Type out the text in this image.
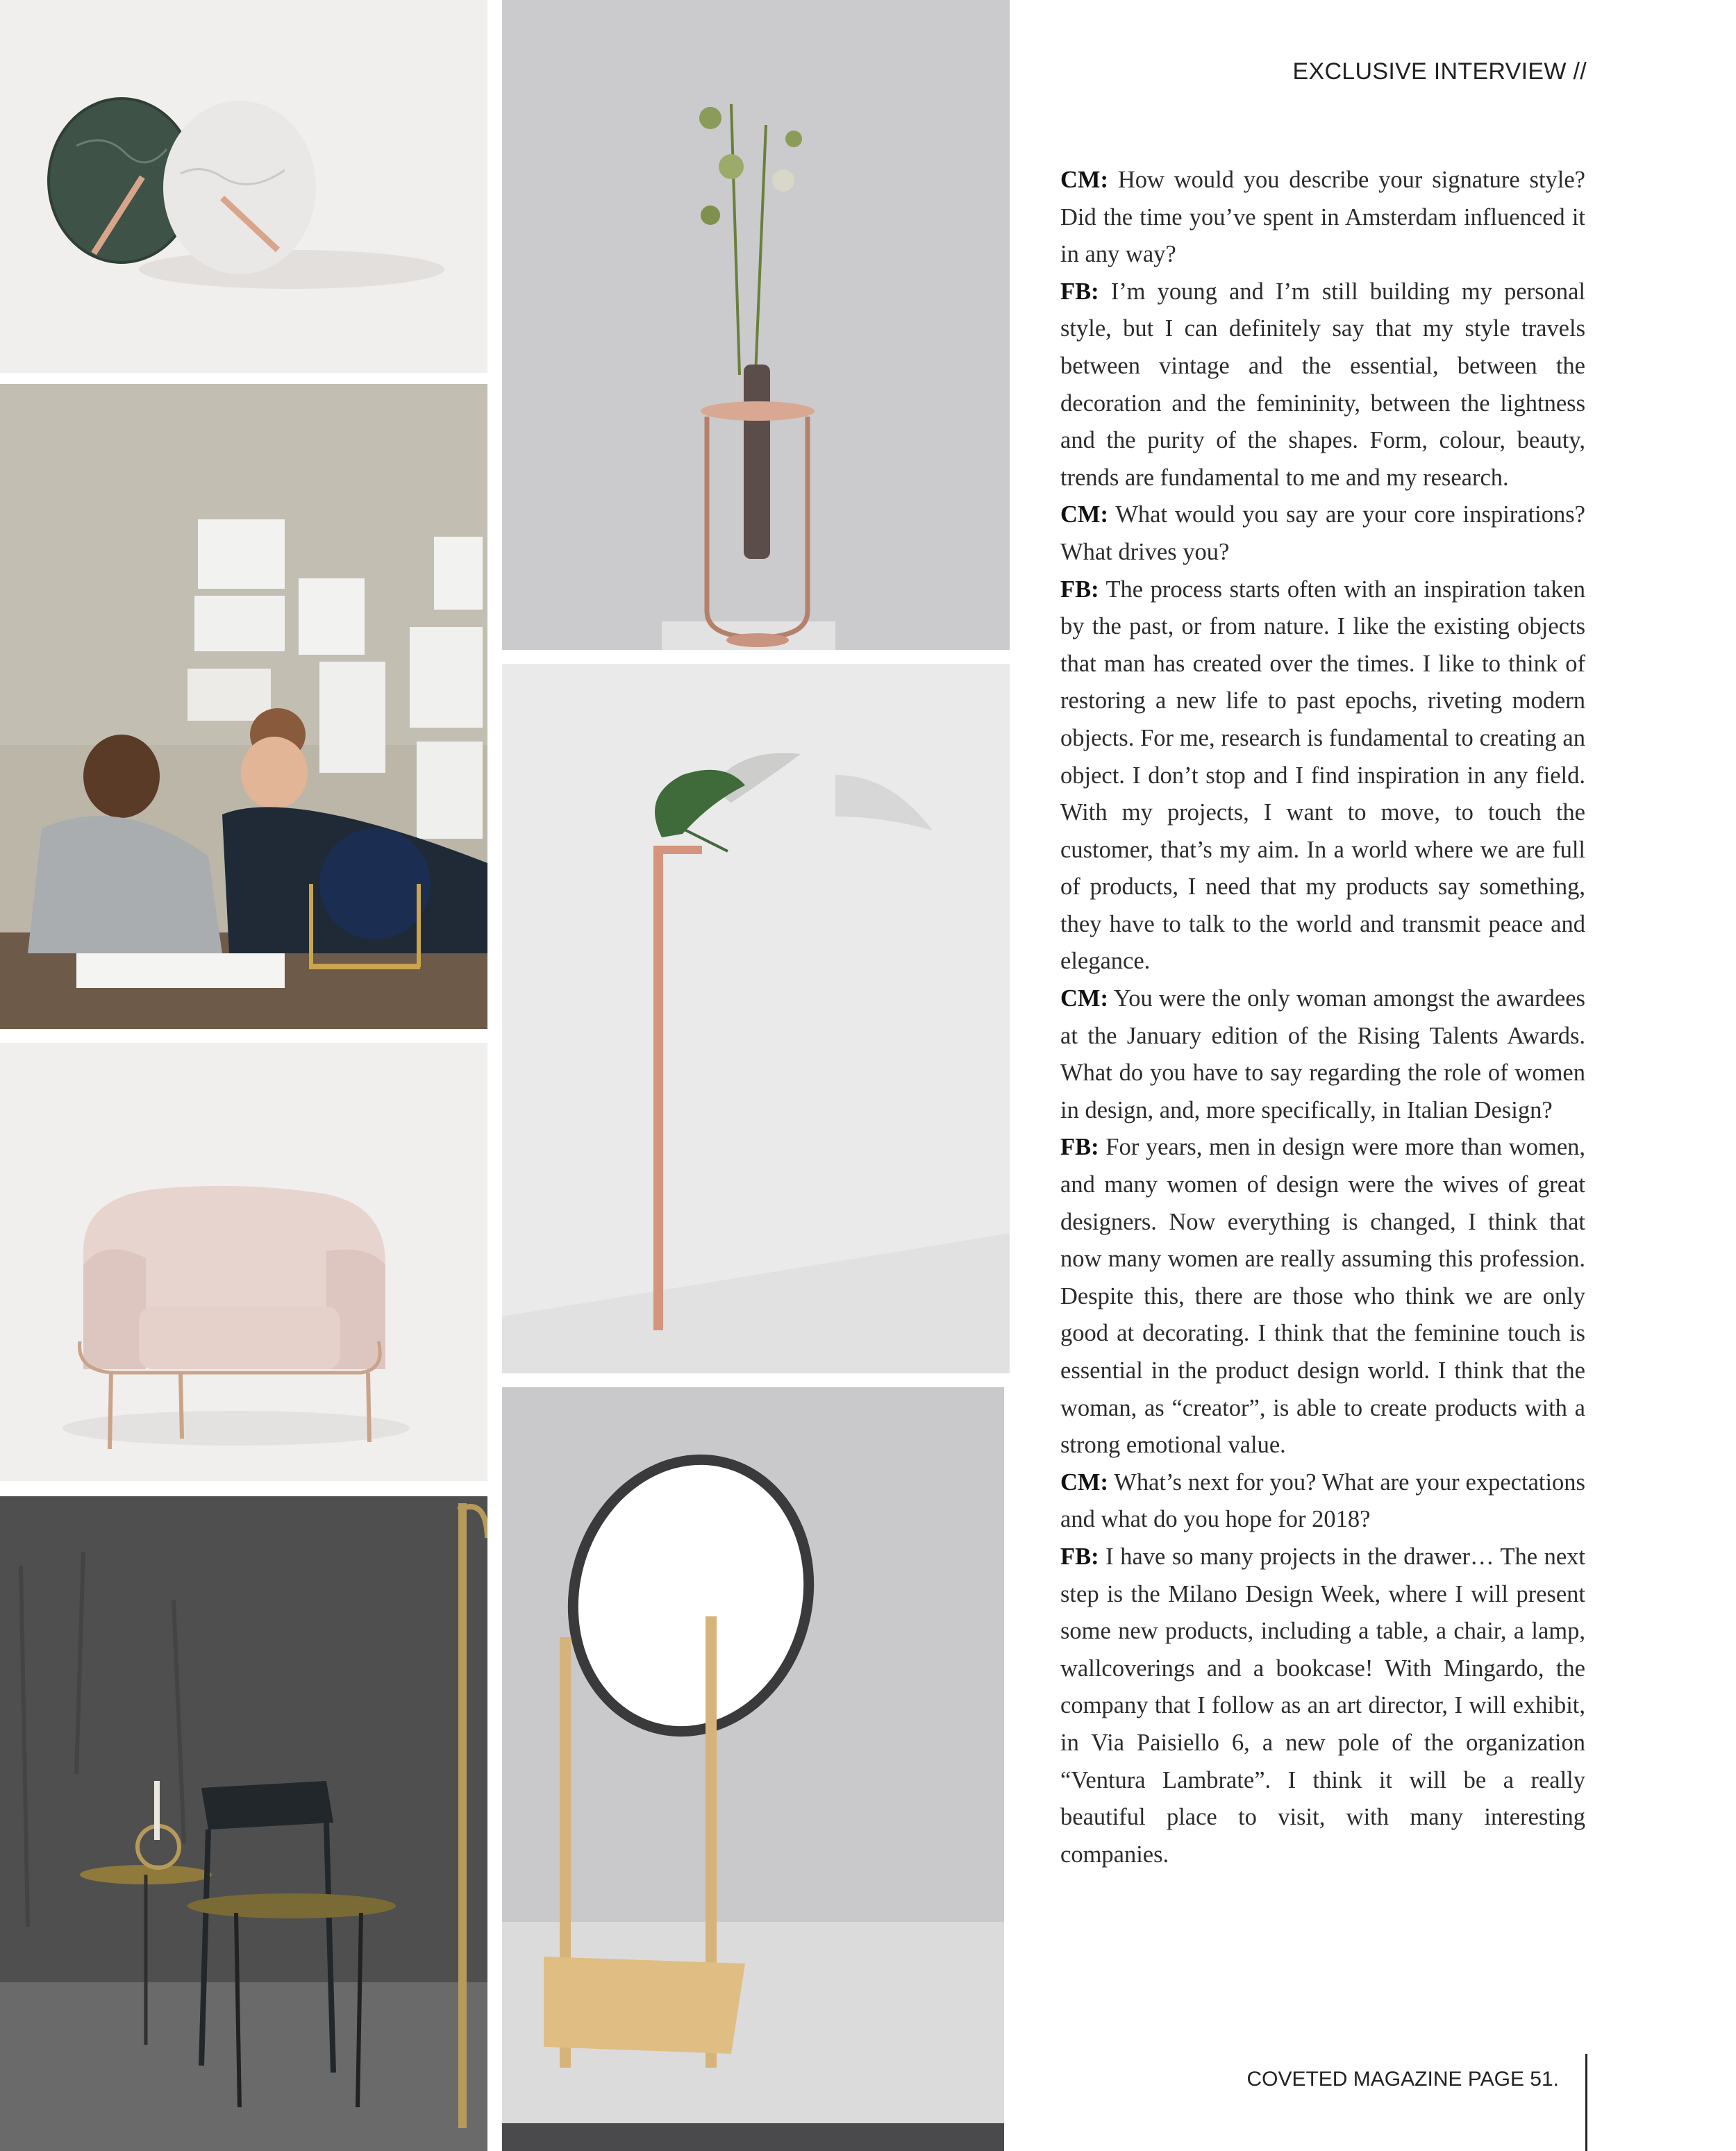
EXCLUSIVE INTERVIEW //

CM: How would you describe your signature style? Did the time you’ve spent in Amsterdam influenced it in any way?

FB: I’m young and I’m still building my personal style, but I can definitely say that my style travels between vintage and the essential, between the decoration and the femininity, between the lightness and the purity of the shapes. Form, colour, beauty, trends are fundamental to me and my research.

CM: What would you say are your core inspirations? What drives you?

FB: The process starts often with an inspiration taken by the past, or from nature. I like the existing objects that man has created over the times. I like to think of restoring a new life to past epochs, riveting modern objects. For me, research is fundamental to creating an object. I don’t stop and I find inspiration in any field. With my projects, I want to move, to touch the customer, that’s my aim. In a world where we are full of products, I need that my products say something, they have to talk to the world and transmit peace and elegance.

CM: You were the only woman amongst the awardees at the January edition of the Rising Talents Awards. What do you have to say regarding the role of women in design, and, more specifically, in Italian Design?

FB: For years, men in design were more than women, and many women of design were the wives of great designers. Now everything is changed, I think that now many women are really assuming this profession. Despite this, there are those who think we are only good at decorating. I think that the feminine touch is essential in the product design world. I think that the woman, as “creator”, is able to create products with a strong emotional value.

CM: What’s next for you? What are your expectations and what do you hope for 2018?

FB: I have so many projects in the drawer… The next step is the Milano Design Week, where I will present some new products, including a table, a chair, a lamp, wallcoverings and a bookcase! With Mingardo, the company that I follow as an art director, I will exhibit, in Via Paisiello 6, a new pole of the organization “Ventura Lambrate”. I think it will be a really beautiful place to visit, with many interesting companies.

COVETED MAGAZINE PAGE 51.
